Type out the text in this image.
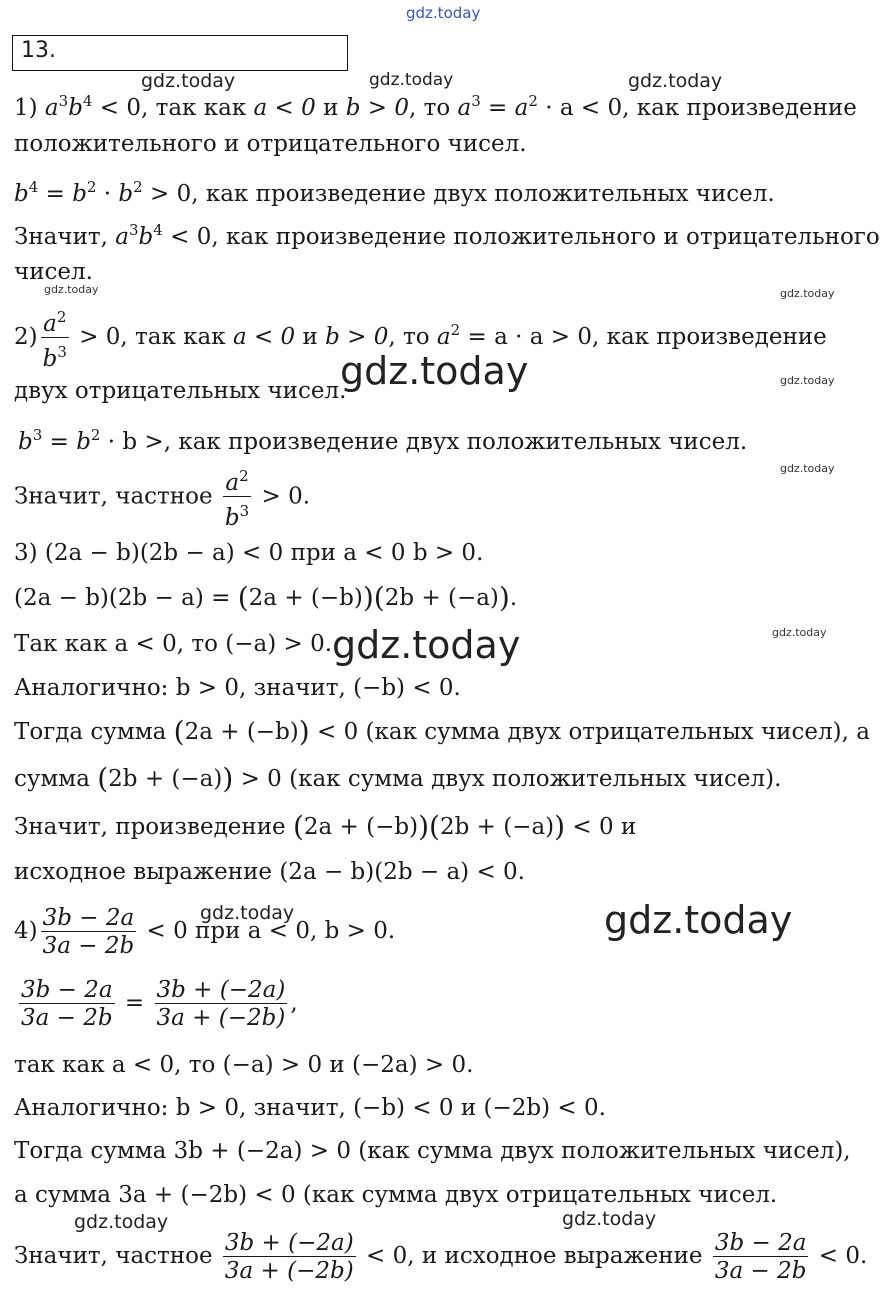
gdz.today
gdz.today	gdz.today	gdz.today
gdz.today	gdz.today
gdz.today	gdz.today
gdz.today
gdz.today
gdz.today
gdz.today	gdz.today
gdz.today	gdz.today
13.
1) $a^3b^4 < 0$, так как a < 0 и b > 0, то $a^3 = a^2 \cdot a < 0$, как произведение
положительного и отрицательного чисел.
$b^4 = b^2 \cdot b^2 > 0$, как произведение двух положительных чисел.
Значит, $a^3b^4 < 0$, как произведение положительного и отрицательного
чисел.
$2) \frac{a^2}{b^3} > 0$, так как a < 0 и b > 0, то $a^2 = a \cdot a > 0$, как произведение
двух отрицательных чисел.
$b^3 = b^2 \cdot b$ >, как произведение двух положительных чисел.
Значит, частное $\frac{a^2}{b^3} > 0$.
3) (2a − b)(2b − a) < 0 при a < 0 b > 0.
(2a − b)(2b − a) = (2a + (−b))(2b + (−a)).
Так как a < 0, то (−a) > 0.
Аналогично: b > 0, значит, (−b) < 0.
Тогда сумма (2a + (−b)) < 0 (как сумма двух отрицательных чисел), а
сумма (2b + (−a)) > 0 (как сумма двух положительных чисел).
Значит, произведение (2a + (−b))(2b + (−a)) < 0 и
исходное выражение (2a − b)(2b − a) < 0.
$4) \frac{3b - 2a}{3a - 2b} < 0$ при a < 0, b > 0.
$\frac{3b - 2a}{3a - 2b} = \frac{3b + (-2a)}{3a + (-2b)}$ ,
так как a < 0, то (−a) > 0 и (−2a) > 0.
Аналогично: b > 0, значит, (−b) < 0 и (−2b) < 0.
Тогда сумма 3b + (−2a) > 0 (как сумма двух положительных чисел),
а сумма 3a + (−2b) < 0 (как сумма двух отрицательных чисел.
Значит, частное $\frac{3b + (-2a)}{3a + (-2b)} < 0$, и исходное выражение $\frac{3b - 2a}{3a - 2b} < 0$.
